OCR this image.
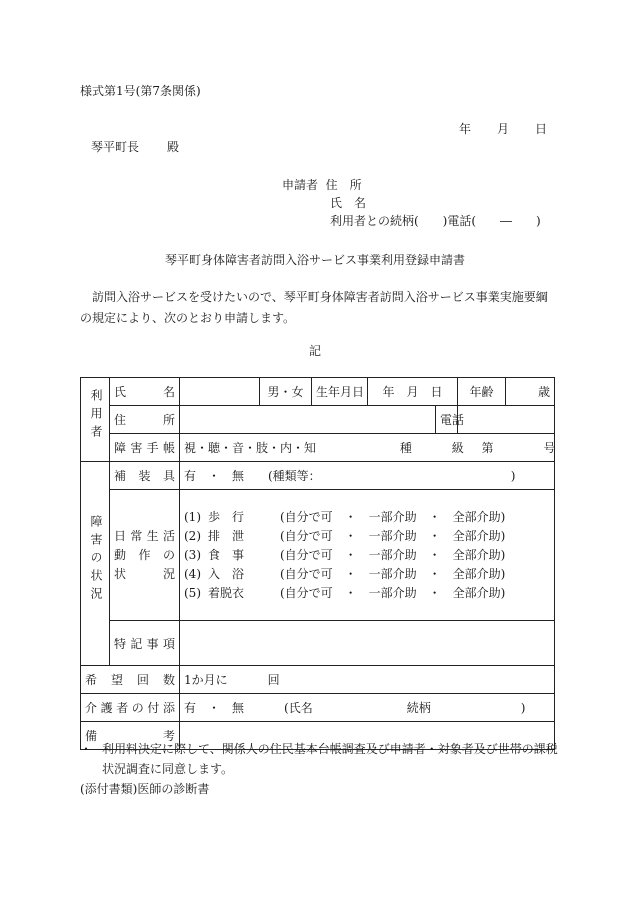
様式第1号(第7条関係)
年 月 日
琴平町長 殿
申請者 住　所
氏　名
利用者との続柄(　　)電話(　　―　　)
琴平町身体障害者訪問入浴サービス事業利用登録申請書
訪問入浴サービスを受けたいので、琴平町身体障害者訪問入浴サービス事業実施要綱の規定により、次のとおり申請します。
記
利用者	氏名		男・女	生年月日	年　月　日		年齢	歳
	住所					電話		
	障害手帳	視・聴・音・肢・内・知 種 級 第 号						
障害の状況	補装具	有　・　無　　(種類等： )						

	日常生活
動作の
状　　況	(1) 歩　行 (自分で可　・　一部介助　・　全部介助)
(2) 排　泄 (自分で可　・　一部介助　・　全部介助)
(3) 食　事 (自分で可　・　一部介助　・　全部介助)
(4) 入　浴 (自分で可　・　一部介助　・　全部介助)
(5) 着脱衣 (自分で可　・　一部介助　・　全部介助)						

	特記事項							
希望回数		1か月に 回						
介護者の付添		有　・　無 (氏名 続柄 )						
備考								
・ 利用料決定に際して、関係人の住民基本台帳調査及び申請者・対象者及び世帯の課税
状況調査に同意します。
(添付書類)医師の診断書
